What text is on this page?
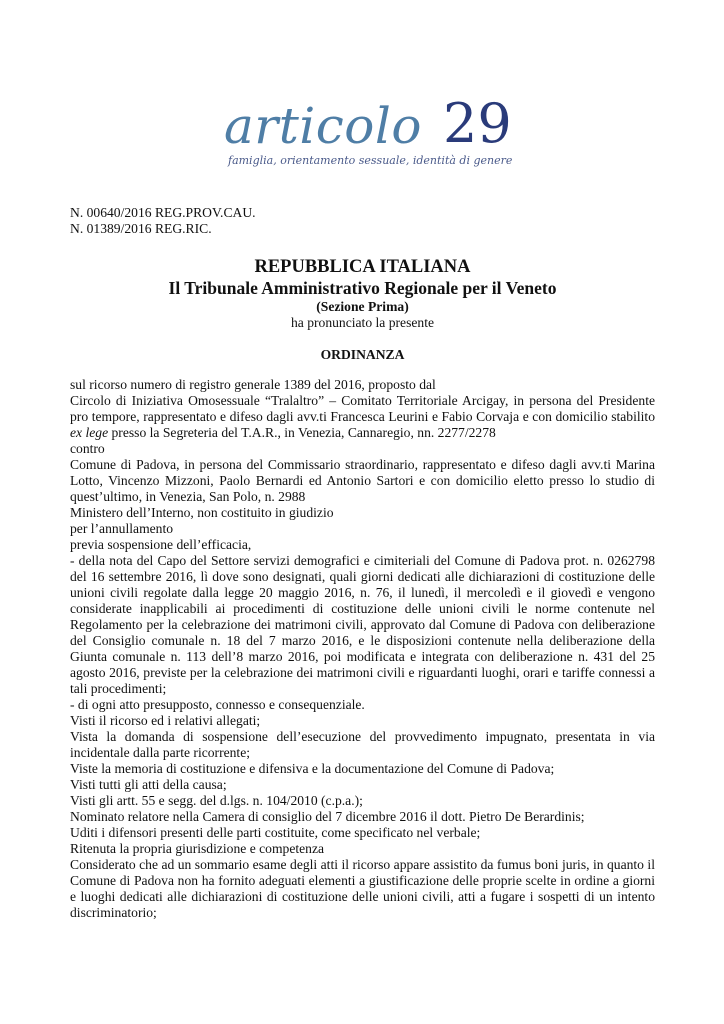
articolo 29
famiglia, orientamento sessuale, identità di genere
N. 00640/2016 REG.PROV.CAU.
N. 01389/2016 REG.RIC.
REPUBBLICA ITALIANA
Il Tribunale Amministrativo Regionale per il Veneto
(Sezione Prima)
ha pronunciato la presente
ORDINANZA

sul ricorso numero di registro generale 1389 del 2016, proposto dal

Circolo di Iniziativa Omosessuale “Tralaltro” – Comitato Territoriale Arcigay, in persona del Presidente pro tempore, rappresentato e difeso dagli avv.ti Francesca Leurini e Fabio Corvaja e con domicilio stabilito ex lege presso la Segreteria del T.A.R., in Venezia, Cannaregio, nn. 2277/2278

contro

Comune di Padova, in persona del Commissario straordinario, rappresentato e difeso dagli avv.ti Marina Lotto, Vincenzo Mizzoni, Paolo Bernardi ed Antonio Sartori e con domicilio eletto presso lo studio di quest’ultimo, in Venezia, San Polo, n. 2988

Ministero dell’Interno, non costituito in giudizio

per l’annullamento

previa sospensione dell’efficacia,

- della nota del Capo del Settore servizi demografici e cimiteriali del Comune di Padova prot. n. 0262798 del 16 settembre 2016, lì dove sono designati, quali giorni dedicati alle dichiarazioni di costituzione delle unioni civili regolate dalla legge 20 maggio 2016, n. 76, il lunedì, il mercoledì e il giovedì e vengono considerate inapplicabili ai procedimenti di costituzione delle unioni civili le norme contenute nel Regolamento per la celebrazione dei matrimoni civili, approvato dal Comune di Padova con deliberazione del Consiglio comunale n. 18 del 7 marzo 2016, e le disposizioni contenute nella deliberazione della Giunta comunale n. 113 dell’8 marzo 2016, poi modificata e integrata con deliberazione n. 431 del 25 agosto 2016, previste per la celebrazione dei matrimoni civili e riguardanti luoghi, orari e tariffe connessi a tali procedimenti;

- di ogni atto presupposto, connesso e consequenziale.

Visti il ricorso ed i relativi allegati;

Vista la domanda di sospensione dell’esecuzione del provvedimento impugnato, presentata in via incidentale dalla parte ricorrente;

Viste la memoria di costituzione e difensiva e la documentazione del Comune di Padova;

Visti tutti gli atti della causa;

Visti gli artt. 55 e segg. del d.lgs. n. 104/2010 (c.p.a.);

Nominato relatore nella Camera di consiglio del 7 dicembre 2016 il dott. Pietro De Berardinis;

Uditi i difensori presenti delle parti costituite, come specificato nel verbale;

Ritenuta la propria giurisdizione e competenza

Considerato che ad un sommario esame degli atti il ricorso appare assistito da fumus boni juris, in quanto il Comune di Padova non ha fornito adeguati elementi a giustificazione delle proprie scelte in ordine a giorni e luoghi dedicati alle dichiarazioni di costituzione delle unioni civili, atti a fugare i sospetti di un intento discriminatorio;
